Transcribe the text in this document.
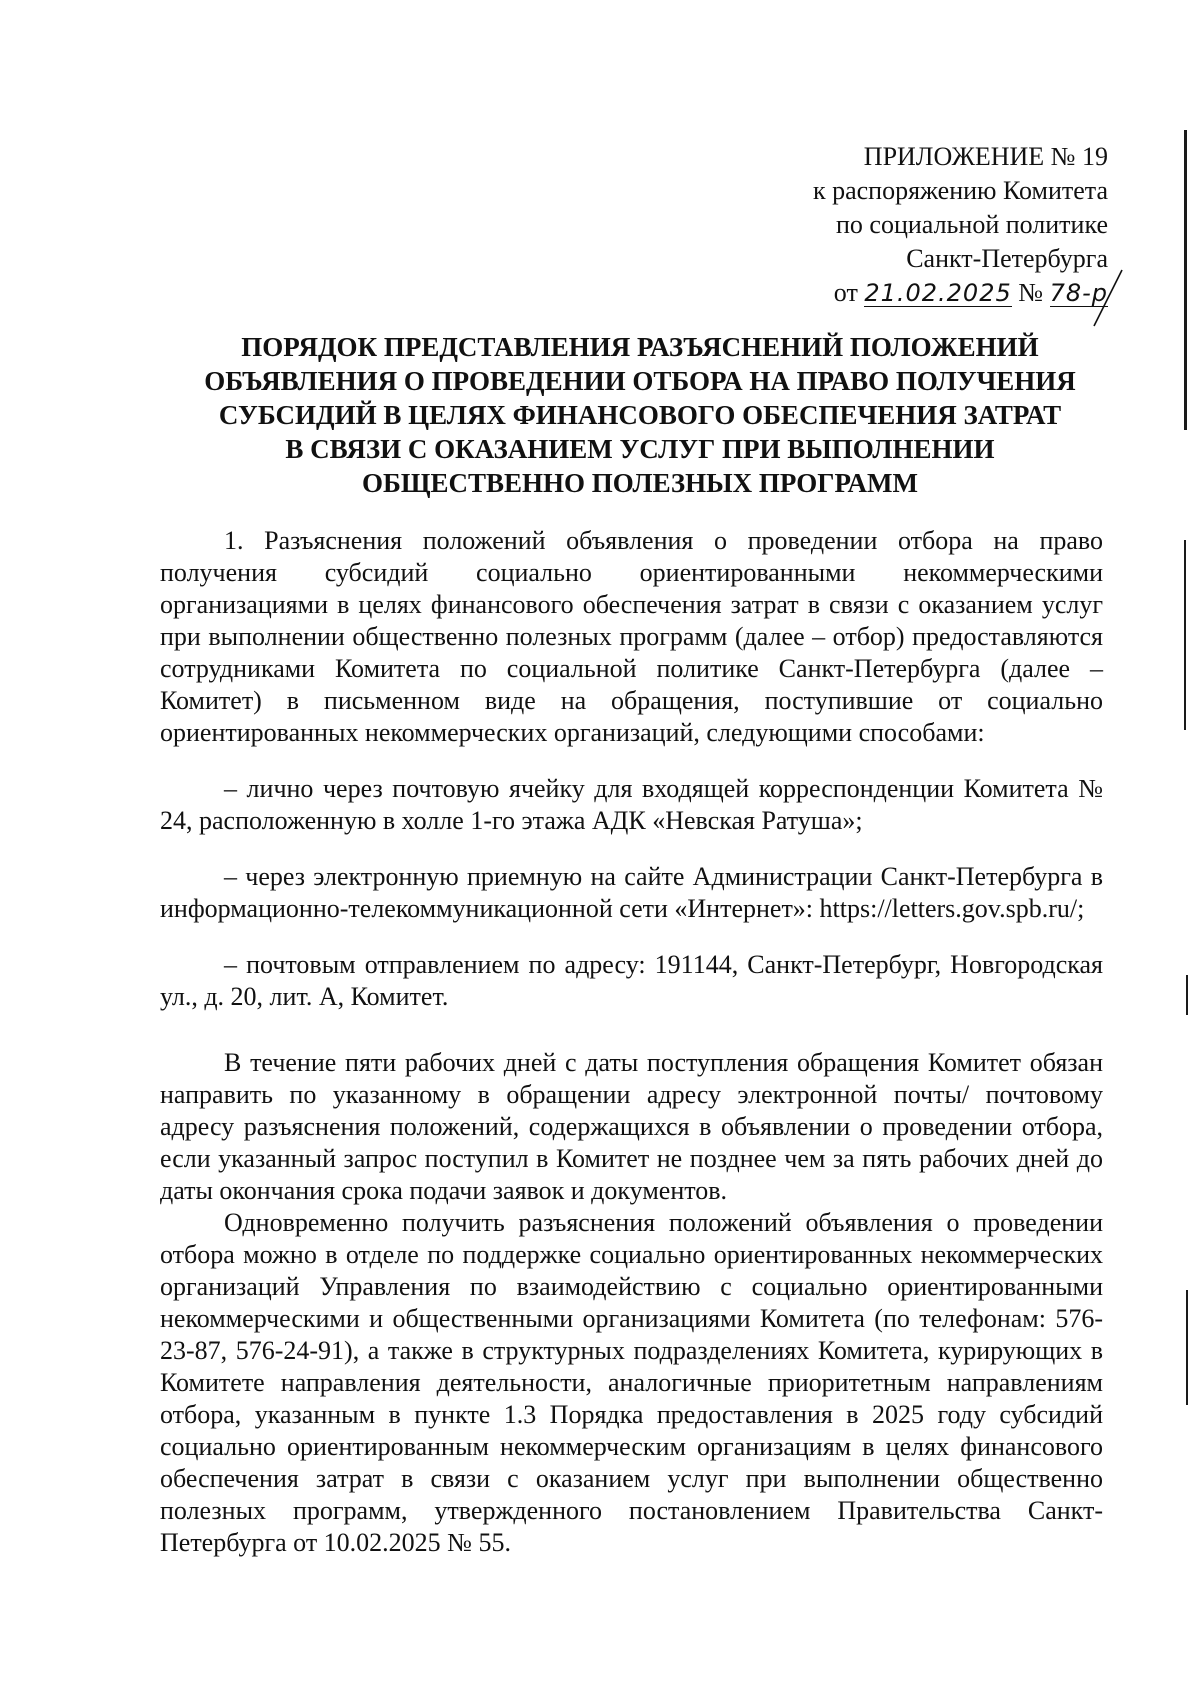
ПРИЛОЖЕНИЕ № 19
к распоряжению Комитета
по социальной политике
Санкт-Петербурга
от 21.02.2025 № 78-р
ПОРЯДОК ПРЕДСТАВЛЕНИЯ РАЗЪЯСНЕНИЙ ПОЛОЖЕНИЙ
ОБЪЯВЛЕНИЯ О ПРОВЕДЕНИИ ОТБОРА НА ПРАВО ПОЛУЧЕНИЯ
СУБСИДИЙ В ЦЕЛЯХ ФИНАНСОВОГО ОБЕСПЕЧЕНИЯ ЗАТРАТ
В СВЯЗИ С ОКАЗАНИЕМ УСЛУГ ПРИ ВЫПОЛНЕНИИ
ОБЩЕСТВЕННО ПОЛЕЗНЫХ ПРОГРАММ

1. Разъяснения положений объявления о проведении отбора на право получения субсидий социально ориентированными некоммерческими организациями в целях финансового обеспечения затрат в связи с оказанием услуг при выполнении общественно полезных программ (далее – отбор) предоставляются сотрудниками Комитета по социальной политике Санкт-Петербурга (далее – Комитет) в письменном виде на обращения, поступившие от социально ориентированных некоммерческих организаций, следующими способами:

– лично через почтовую ячейку для входящей корреспонденции Комитета № 24, расположенную в холле 1-го этажа АДК «Невская Ратуша»;

– через электронную приемную на сайте Администрации Санкт-Петербурга в информационно-телекоммуникационной сети «Интернет»: https://letters.gov.spb.ru/;

– почтовым отправлением по адресу: 191144, Санкт-Петербург, Новгородская ул., д. 20, лит. А, Комитет.

В течение пяти рабочих дней с даты поступления обращения Комитет обязан направить по указанному в обращении адресу электронной почты/ почтовому адресу разъяснения положений, содержащихся в объявлении о проведении отбора, если указанный запрос поступил в Комитет не позднее чем за пять рабочих дней до даты окончания срока подачи заявок и документов.

Одновременно получить разъяснения положений объявления о проведении отбора можно в отделе по поддержке социально ориентированных некоммерческих организаций Управления по взаимодействию с социально ориентированными некоммерческими и общественными организациями Комитета (по телефонам: 576-23-87, 576-24-91), а также в структурных подразделениях Комитета, курирующих в Комитете направления деятельности, аналогичные приоритетным направлениям отбора, указанным в пункте 1.3 Порядка предоставления в 2025 году субсидий социально ориентированным некоммерческим организациям в целях финансового обеспечения затрат в связи с оказанием услуг при выполнении общественно полезных программ, утвержденного постановлением Правительства Санкт-Петербурга от 10.02.2025 № 55.
